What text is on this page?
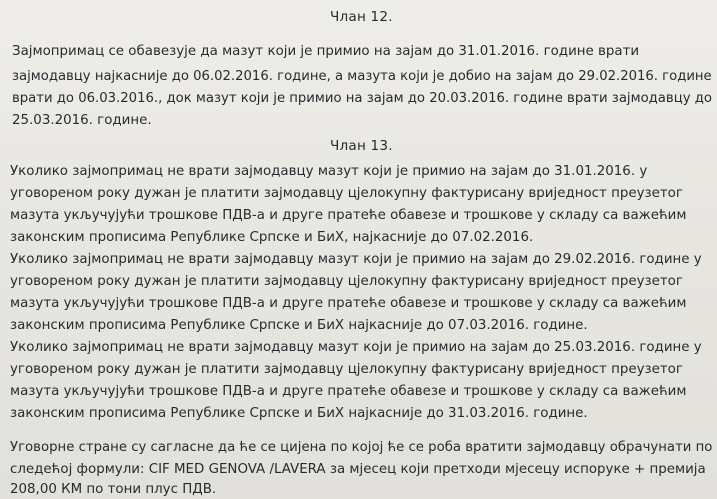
Члан 12.

Зајмопримац се обавезује да мазут који је примио на зајам до 31.01.2016. године врати

зајмодавцу најкасније до 06.02.2016. године, а мазута који је добио на зајам до 29.02.2016. године

врати до 06.03.2016., док мазут који је примио на зајам до 20.03.2016. године врати зајмодавцу до

25.03.2016. године.

Члан 13.

Уколико зајмопримац не врати зајмодавцу мазут који је примио на зајам до 31.01.2016. у

уговореном року дужан је платити зајмодавцу цјелокупну фактурисану вриједност преузетог

мазута укључујући трошкове ПДВ-а и друге пратеће обавезе и трошкове у складу са важећим

законским прописима Републике Српске и БиХ, најкасније до 07.02.2016.

Уколико зајмопримац не врати зајмодавцу мазут који је примио на зајам до 29.02.2016. године у

уговореном року дужан је платити зајмодавцу цјелокупну фактурисану вриједност преузетог

мазута укључујући трошкове ПДВ-а и друге пратеће обавезе и трошкове у складу са важећим

законским прописима Републике Српске и БиХ најкасније до 07.03.2016. године.

Уколико зајмопримац не врати зајмодавцу мазут који је примио на зајам до 25.03.2016. године у

уговореном року дужан је платити зајмодавцу цјелокупну фактурисану вриједност преузетог

мазута укључујући трошкове ПДВ-а и друге пратеће обавезе и трошкове у складу са важећим

законским прописима Републике Српске и БиХ најкасније до 31.03.2016. године.

Уговорне стране су сагласне да ће се цијена по којој ће се роба вратити зајмодавцу обрачунати по

следећој формули: CIF MED GENOVA /LAVERA за мјесец који претходи мјесецу испоруке + премија

208,00 КМ по тони плус ПДВ.
